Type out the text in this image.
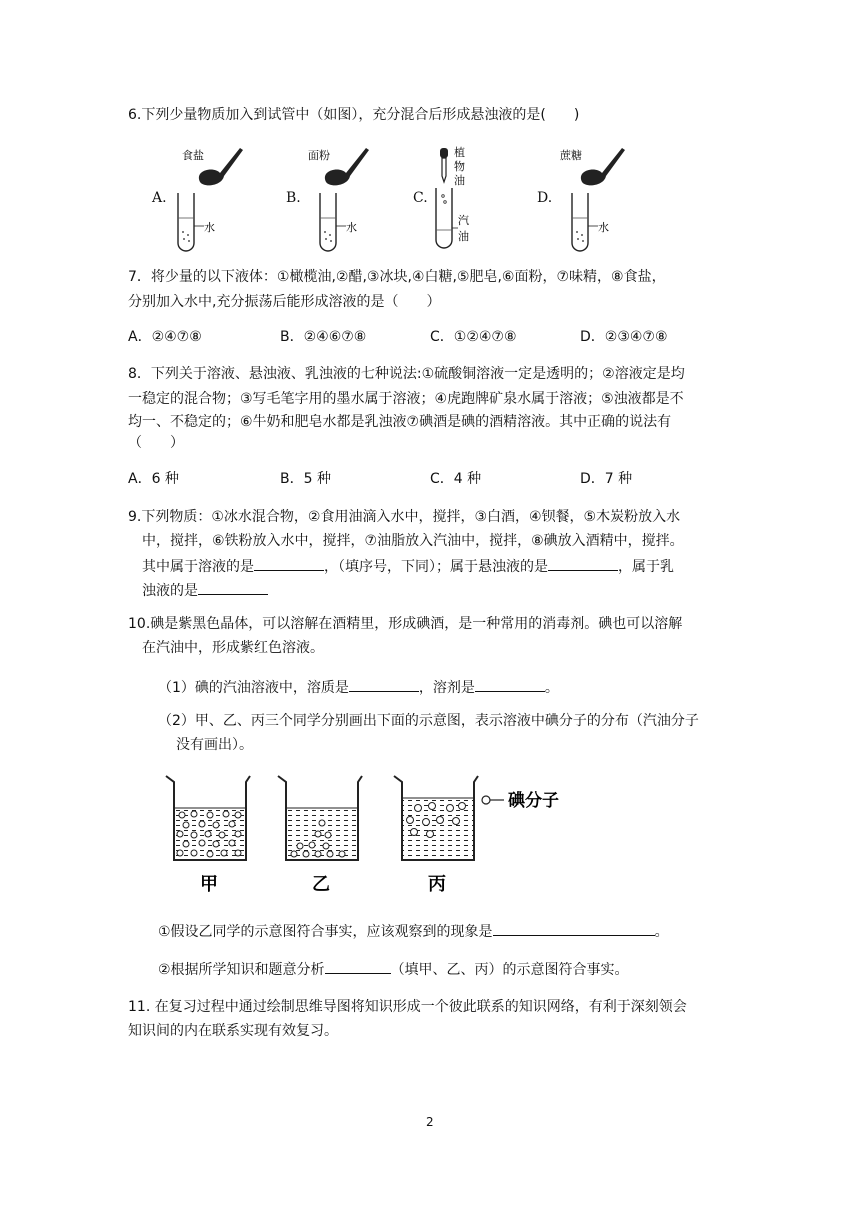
6.下列少量物质加入到试管中（如图），充分混合后形成悬浊液的是(　　)
A.
食盐
水
B.
面粉
水
C.
植
物
油
汽
油
D.
蔗糖
水
7．将少量的以下液体：①橄榄油,②醋,③冰块,④白糖,⑤肥皂,⑥面粉，⑦味精，⑧食盐，
分别加入水中,充分振荡后能形成溶液的是（　　）
A．②④⑦⑧	B．②④⑥⑦⑧	C．①②④⑦⑧	D．②③④⑦⑧
8．下列关于溶液、悬浊液、乳浊液的七种说法:①硫酸铜溶液一定是透明的；②溶液定是均
一稳定的混合物；③写毛笔字用的墨水属于溶液；④虎跑牌矿泉水属于溶液；⑤浊液都是不
均一、不稳定的；⑥牛奶和肥皂水都是乳浊液⑦碘酒是碘的酒精溶液。其中正确的说法有
（　　）
A．6 种	B．5 种	C．4 种	D．7 种
9.下列物质：①冰水混合物，②食用油滴入水中，搅拌，③白酒，④钡餐，⑤木炭粉放入水
中，搅拌，⑥铁粉放入水中，搅拌，⑦油脂放入汽油中，搅拌，⑧碘放入酒精中，搅拌。
其中属于溶液的是	，（填序号，下同）；属于悬浊液的是	，属于乳
浊液的是
10.碘是紫黑色晶体，可以溶解在酒精里，形成碘酒，是一种常用的消毒剂。碘也可以溶解
在汽油中，形成紫红色溶液。
（1）碘的汽油溶液中，溶质是	，溶剂是	。
（2）甲、乙、丙三个同学分别画出下面的示意图，表示溶液中碘分子的分布（汽油分子
没有画出）。
碘分子
甲	乙	丙
①假设乙同学的示意图符合事实，应该观察到的现象是	。
②根据所学知识和题意分析	（填甲、乙、丙）的示意图符合事实。
11. 在复习过程中通过绘制思维导图将知识形成一个彼此联系的知识网络，有利于深刻领会
知识间的内在联系实现有效复习。
2
